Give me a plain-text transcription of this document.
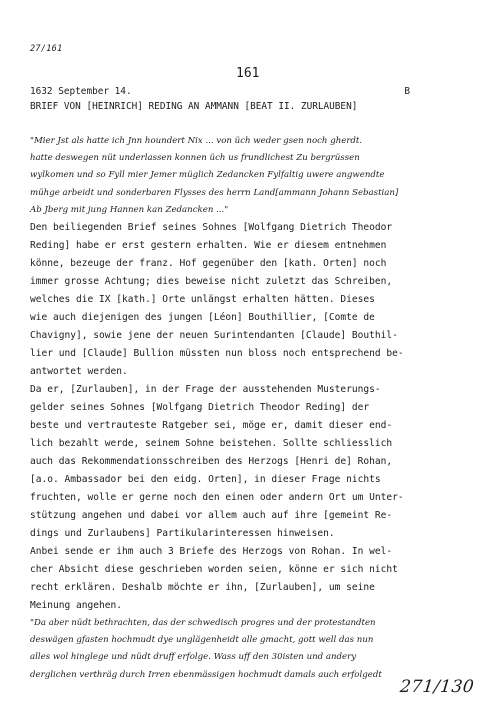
27/161
161
1632 September 14.	B
BRIEF VON [HEINRICH] REDING AN AMMANN [BEAT II. ZURLAUBEN]
"Mier Jst als hatte ich Jnn houndert Nix ... von üch weder gsen noch gherdt.
hatte deswegen nüt underlassen konnen üch us frundlichest Zu bergrüssen
wylkomen und so Fyll mier Jemer müglich Zedancken Fylfaltig uwere angwendte
mühge arbeidt und sonderbaren Flysses des herrn Land[ammann Johann Sebastian]
Ab Jberg mit jung Hannen kan Zedancken ..."
Den beiliegenden Brief seines Sohnes [Wolfgang Dietrich Theodor
Reding] habe er erst gestern erhalten. Wie er diesem entnehmen
könne, bezeuge der franz. Hof gegenüber den [kath. Orten] noch
immer grosse Achtung; dies beweise nicht zuletzt das Schreiben,
welches die IX [kath.] Orte unlängst erhalten hätten. Dieses
wie auch diejenigen des jungen [Léon] Bouthillier, [Comte de
Chavigny], sowie jene der neuen Surintendanten [Claude] Bouthil-
lier und [Claude] Bullion müssten nun bloss noch entsprechend be-
antwortet werden.
Da er, [Zurlauben], in der Frage der ausstehenden Musterungs-
gelder seines Sohnes [Wolfgang Dietrich Theodor Reding] der
beste und vertrauteste Ratgeber sei, möge er, damit dieser end-
lich bezahlt werde, seinem Sohne beistehen. Sollte schliesslich
auch das Rekommendationsschreiben des Herzogs [Henri de] Rohan,
[a.o. Ambassador bei den eidg. Orten], in dieser Frage nichts
fruchten, wolle er gerne noch den einen oder andern Ort um Unter-
stützung angehen und dabei vor allem auch auf ihre [gemeint Re-
dings und Zurlaubens] Partikularinteressen hinweisen.
Anbei sende er ihm auch 3 Briefe des Herzogs von Rohan. In wel-
cher Absicht diese geschrieben worden seien, könne er sich nicht
recht erklären. Deshalb möchte er ihn, [Zurlauben], um seine
Meinung angehen.
"Da aber nüdt bethrachten, das der schwedisch progres und der protestandten
deswägen gfasten hochmudt dye unglägenheidt alle gmacht, gott well das nun
alles wol hinglege und nüdt druff erfolge. Wass uff den 30isten und andery
derglichen verthräg durch Irren ebenmässigen hochmudt damals auch erfolgedt
271/130
